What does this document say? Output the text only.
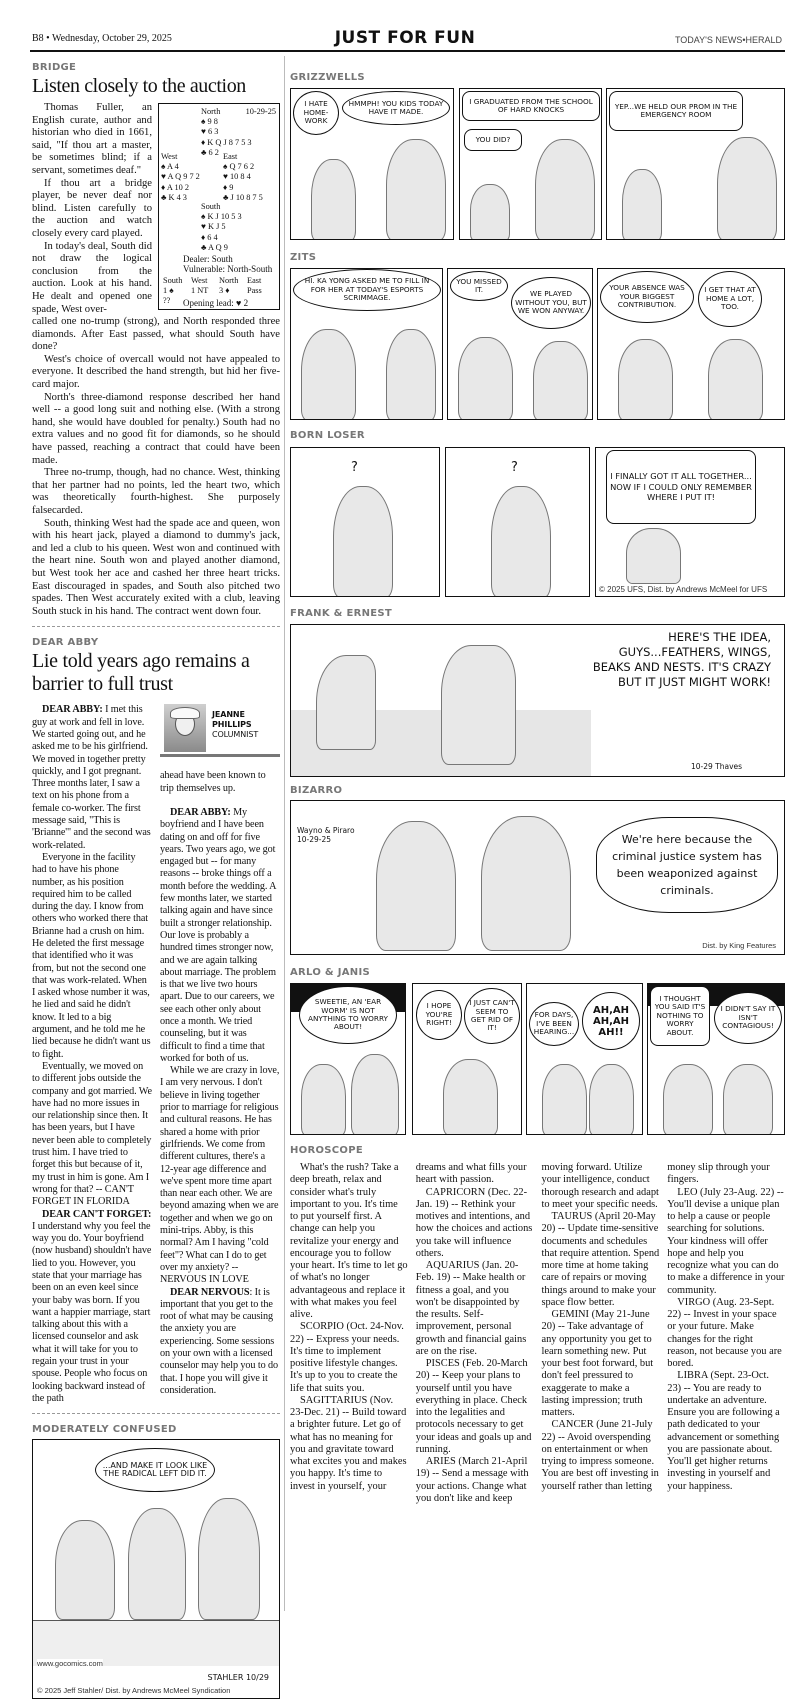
B8 • Wednesday, October 29, 2025	JUST FOR FUN	TODAY'S NEWS•HERALD
BRIDGE
Listen closely to the auction
North
♠ 9 8
♥ 6 3
♦ K Q J 8 7 5 3
♣ 6 2
10-29-25
West
♠ A 4
♥ A Q 9 7 2
♦ A 10 2
♣ K 4 3
East
♠ Q 7 6 2
♥ 10 8 4
♦ 9
♣ J 10 8 7 5
South
♠ K J 10 5 3
♥ K J 5
♦ 6 4
♣ A Q 9
Dealer: South
Vulnerable: North-South
South	West	North	East
1 ♠	1 NT	3 ♦	Pass
??	Opening lead: ♥ 2

Thomas Fuller, an English curate, author and historian who died in 1661, said, "If thou art a master, be sometimes blind; if a servant, sometimes deaf."

If thou art a bridge player, be never deaf nor blind. Listen carefully to the auction and watch closely every card played.

In today's deal, South did not draw the logical conclusion from the auction. Look at his hand. He dealt and opened one spade, West over-

called one no-trump (strong), and North responded three diamonds. After East passed, what should South have done?

West's choice of overcall would not have appealed to everyone. It described the hand strength, but hid her five-card major.

North's three-diamond response described her hand well -- a good long suit and nothing else. (With a strong hand, she would have doubled for penalty.) South had no extra values and no good fit for diamonds, so he should have passed, reaching a contract that could have been made.

Three no-trump, though, had no chance. West, thinking that her partner had no points, led the heart two, which was theoretically fourth-highest. She purposely falsecarded.

South, thinking West had the spade ace and queen, won with his heart jack, played a diamond to dummy's jack, and led a club to his queen. West won and continued with the heart nine. South won and played another diamond, but West took her ace and cashed her three heart tricks. East discouraged in spades, and South also pitched two spades. Then West accurately exited with a club, leaving South stuck in his hand. The contract went down four.

DEAR ABBY
Lie told years ago remains a barrier to full trust

DEAR ABBY: I met this guy at work and fell in love. We started going out, and he asked me to be his girlfriend. We moved in together pretty quickly, and I got pregnant. Three months later, I saw a text on his phone from a female co-worker. The first message said, "This is 'Brianne'" and the second was work-related.

Everyone in the facility had to have his phone number, as his position required him to be called during the day. I know from others who worked there that Brianne had a crush on him. He deleted the first message that identified who it was from, but not the second one that was work-related. When I asked whose number it was, he lied and said he didn't know. It led to a big argument, and he told me he lied because he didn't want us to fight.

Eventually, we moved on to different jobs outside the company and got married. We have had no more issues in our relationship since then. It has been years, but I have never been able to completely trust him. I have tried to forget this but because of it, my trust in him is gone. Am I wrong for that? -- CAN'T FORGET IN FLORIDA

DEAR CAN'T FORGET: I understand why you feel the way you do. Your boyfriend (now husband) shouldn't have lied to you. However, you state that your marriage has been on an even keel since your baby was born. If you want a happier marriage, start talking about this with a licensed counselor and ask what it will take for you to regain your trust in your spouse. People who focus on looking backward instead of the path

JEANNE
PHILLIPS
COLUMNIST

ahead have been known to trip themselves up.

DEAR ABBY: My boyfriend and I have been dating on and off for five years. Two years ago, we got engaged but -- for many reasons -- broke things off a month before the wedding. A few months later, we started talking again and have since built a stronger relationship. Our love is probably a hundred times stronger now, and we are again talking about marriage. The problem is that we live two hours apart. Due to our careers, we see each other only about once a month. We tried counseling, but it was difficult to find a time that worked for both of us.

While we are crazy in love, I am very nervous. I don't believe in living together prior to marriage for religious and cultural reasons. He has shared a home with prior girlfriends. We come from different cultures, there's a 12-year age difference and we've spent more time apart than near each other. We are beyond amazing when we are together and when we go on mini-trips. Abby, is this normal? Am I having "cold feet"? What can I do to get over my anxiety? -- NERVOUS IN LOVE

DEAR NERVOUS: It is important that you get to the root of what may be causing the anxiety you are experiencing. Some sessions on your own with a licensed counselor may help you to do that. I hope you will give it consideration.

MODERATELY CONFUSED
...AND MAKE IT LOOK LIKE THE RADICAL LEFT DID IT.
www.gocomics.com
STAHLER 10/29
© 2025 Jeff Stahler/ Dist. by Andrews McMeel Syndication
GRIZZWELLS
I HATE HOME-WORK
HMMPH! YOU KIDS TODAY HAVE IT MADE.
I GRADUATED FROM THE SCHOOL OF HARD KNOCKS
YOU DID?
YEP...WE HELD OUR PROM IN THE EMERGENCY ROOM
ZITS
HI. KA YONG ASKED ME TO FILL IN FOR HER AT TODAY'S ESPORTS SCRIMMAGE.
YOU MISSED IT.	WE PLAYED WITHOUT YOU, BUT WE WON ANYWAY.
YOUR ABSENCE WAS YOUR BIGGEST CONTRIBUTION.
I GET THAT AT HOME A LOT, TOO.
BORN LOSER
?	?
I FINALLY GOT IT ALL TOGETHER... NOW IF I COULD ONLY REMEMBER WHERE I PUT IT!
© 2025 UFS, Dist. by Andrews McMeel for UFS
FRANK & ERNEST
HERE'S THE IDEA, GUYS...FEATHERS, WINGS, BEAKS AND NESTS. IT'S CRAZY BUT IT JUST MIGHT WORK!
10-29 Thaves
BIZARRO
Wayno & Piraro 10-29-25	We're here because the criminal justice system has been weaponized against criminals.
Dist. by King Features
ARLO & JANIS
SWEETIE, AN 'EAR WORM' IS NOT ANYTHING TO WORRY ABOUT!
I HOPE YOU'RE RIGHT!
I JUST CAN'T SEEM TO GET RID OF IT!
FOR DAYS, I'VE BEEN HEARING...
AH,AH AH,AH AH!!
I THOUGHT YOU SAID IT'S NOTHING TO WORRY ABOUT.
I DIDN'T SAY IT ISN'T CONTAGIOUS!
HOROSCOPE

What's the rush? Take a deep breath, relax and consider what's truly important to you. It's time to put yourself first. A change can help you revitalize your energy and encourage you to follow your heart. It's time to let go of what's no longer advantageous and replace it with what makes you feel alive.

SCORPIO (Oct. 24-Nov. 22) -- Express your needs. It's time to implement positive lifestyle changes. It's up to you to create the life that suits you.

SAGITTARIUS (Nov. 23-Dec. 21) -- Build toward a brighter future. Let go of what has no meaning for you and gravitate toward what excites you and makes you happy. It's time to invest in yourself, your dreams and what fills your heart with passion.

CAPRICORN (Dec. 22-Jan. 19) -- Rethink your motives and intentions, and how the choices and actions you take will influence others.

AQUARIUS (Jan. 20-Feb. 19) -- Make health or fitness a goal, and you won't be disappointed by the results. Self-improvement, personal growth and financial gains are on the rise.

PISCES (Feb. 20-March 20) -- Keep your plans to yourself until you have everything in place. Check into the legalities and protocols necessary to get your ideas and goals up and running.

ARIES (March 21-April 19) -- Send a message with your actions. Change what you don't like and keep moving forward. Utilize your intelligence, conduct thorough research and adapt to meet your specific needs.

TAURUS (April 20-May 20) -- Update time-sensitive documents and schedules that require attention. Spend more time at home taking care of repairs or moving things around to make your space flow better.

GEMINI (May 21-June 20) -- Take advantage of any opportunity you get to learn something new. Put your best foot forward, but don't feel pressured to exaggerate to make a lasting impression; truth matters.

CANCER (June 21-July 22) -- Avoid overspending on entertainment or when trying to impress someone. You are best off investing in yourself rather than letting money slip through your fingers.

LEO (July 23-Aug. 22) -- You'll devise a unique plan to help a cause or people searching for solutions. Your kindness will offer hope and help you recognize what you can do to make a difference in your community.

VIRGO (Aug. 23-Sept. 22) -- Invest in your space or your future. Make changes for the right reason, not because you are bored.

LIBRA (Sept. 23-Oct. 23) -- You are ready to undertake an adventure. Ensure you are following a path dedicated to your advancement or something you are passionate about. You'll get higher returns investing in yourself and your happiness.
